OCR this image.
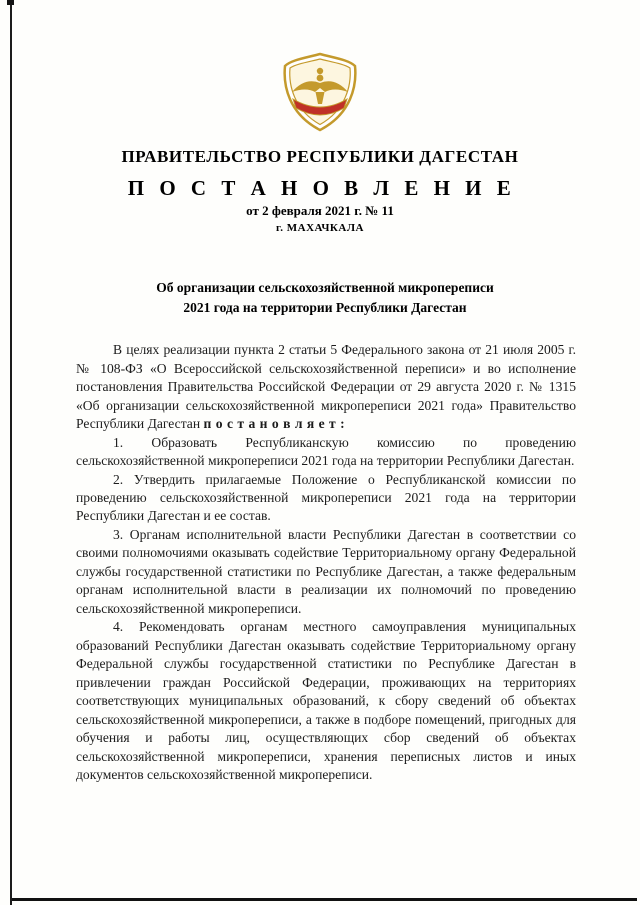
ПРАВИТЕЛЬСТВО РЕСПУБЛИКИ ДАГЕСТАН
П О С Т А Н О В Л Е Н И Е
от 2 февраля 2021 г. № 11
г. МАХАЧКАЛА
Об организации сельскохозяйственной микропереписи
2021 года на территории Республики Дагестан

В целях реализации пункта 2 статьи 5 Федерального закона от 21 июля 2005 г. № 108-ФЗ «О Всероссийской сельскохозяйственной переписи» и во исполнение постановления Правительства Российской Федерации от 29 августа 2020 г. № 1315 «Об организации сельскохозяйственной микропереписи 2021 года» Правительство Республики Дагестан п о с т а н о в л я е т :

1. Образовать Республиканскую комиссию по проведению сельскохозяйственной микропереписи 2021 года на территории Республики Дагестан.

2. Утвердить прилагаемые Положение о Республиканской комиссии по проведению сельскохозяйственной микропереписи 2021 года на территории Республики Дагестан и ее состав.

3. Органам исполнительной власти Республики Дагестан в соответствии со своими полномочиями оказывать содействие Территориальному органу Федеральной службы государственной статистики по Республике Дагестан, а также федеральным органам исполнительной власти в реализации их полномочий по проведению сельскохозяйственной микропереписи.

4. Рекомендовать органам местного самоуправления муниципальных образований Республики Дагестан оказывать содействие Территориальному органу Федеральной службы государственной статистики по Республике Дагестан в привлечении граждан Российской Федерации, проживающих на территориях соответствующих муниципальных образований, к сбору сведений об объектах сельскохозяйственной микропереписи, а также в подборе помещений, пригодных для обучения и работы лиц, осуществляющих сбор сведений об объектах сельскохозяйственной микропереписи, хранения переписных листов и иных документов сельскохозяйственной микропереписи.
